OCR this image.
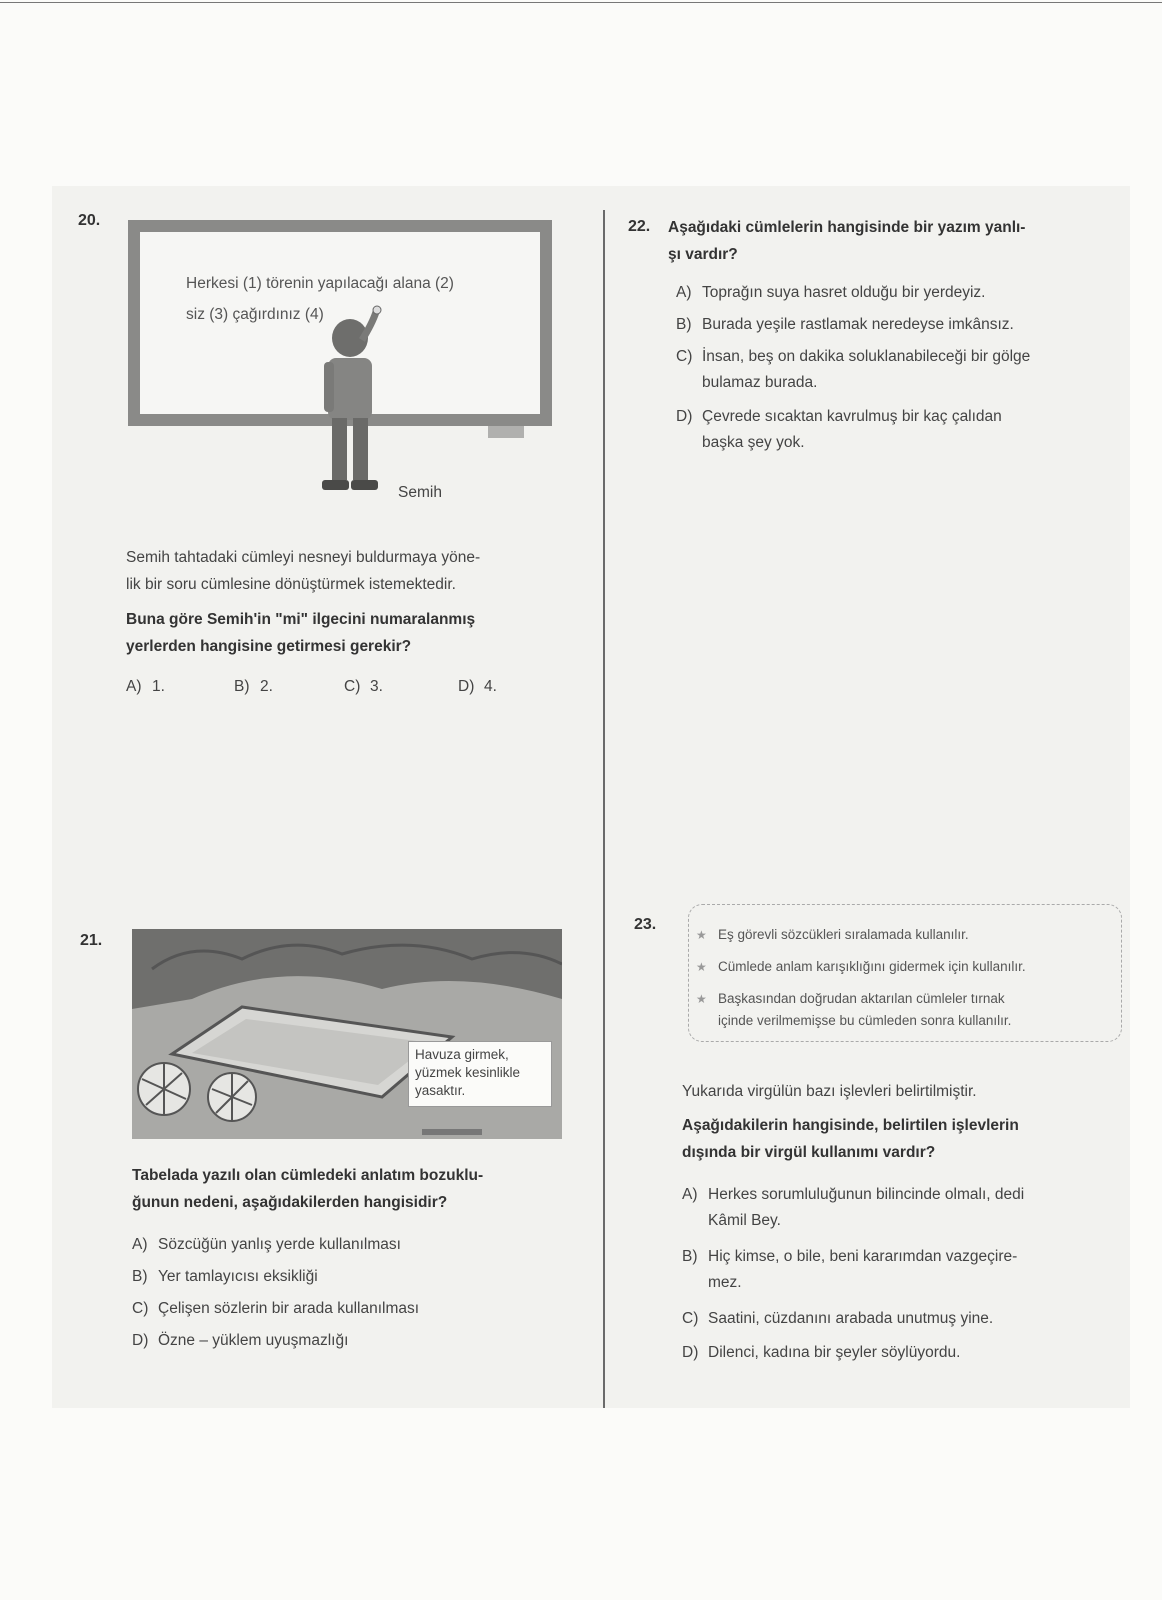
20.
Herkesi (1) törenin yapılacağı alana (2)
siz (3) çağırdınız (4)
Semih
Semih tahtadaki cümleyi nesneyi buldurmaya yöne-
lik bir soru cümlesine dönüştürmek istemektedir.
Buna göre Semih'in "mi" ilgecini numaralanmış
yerlerden hangisine getirmesi gerekir?
A) 1.	B) 2.	C) 3.	D) 4.
21.
Havuza girmek,
yüzmek kesinlikle
yasaktır.
Tabelada yazılı olan cümledeki anlatım bozuklu-
ğunun nedeni, aşağıdakilerden hangisidir?
A) Sözcüğün yanlış yerde kullanılması
B) Yer tamlayıcısı eksikliği
C) Çelişen sözlerin bir arada kullanılması
D) Özne – yüklem uyuşmazlığı
22. Aşağıdaki cümlelerin hangisinde bir yazım yanlı-
şı vardır?
A) Toprağın suya hasret olduğu bir yerdeyiz.
B) Burada yeşile rastlamak neredeyse imkânsız.
C) İnsan, beş on dakika soluklanabileceği bir gölge
bulamaz burada.
D) Çevrede sıcaktan kavrulmuş bir kaç çalıdan
başka şey yok.
23.
★ Eş görevli sözcükleri sıralamada kullanılır.
★ Cümlede anlam karışıklığını gidermek için kullanılır.
★ Başkasından doğrudan aktarılan cümleler tırnak
içinde verilmemişse bu cümleden sonra kullanılır.
Yukarıda virgülün bazı işlevleri belirtilmiştir.
Aşağıdakilerin hangisinde, belirtilen işlevlerin
dışında bir virgül kullanımı vardır?
A) Herkes sorumluluğunun bilincinde olmalı, dedi
Kâmil Bey.
B) Hiç kimse, o bile, beni kararımdan vazgeçire-
mez.
C) Saatini, cüzdanını arabada unutmuş yine.
D) Dilenci, kadına bir şeyler söylüyordu.
